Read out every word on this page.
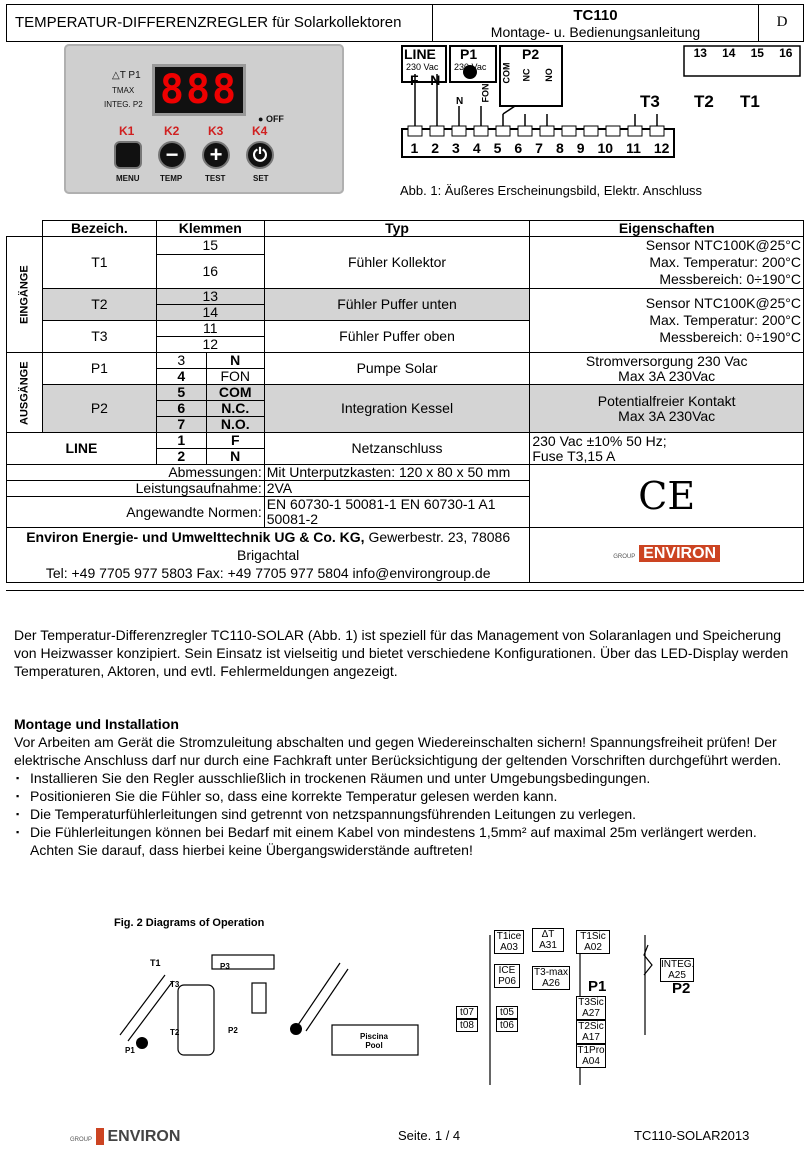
TEMPERATUR-DIFFERENZREGLER für Solarkollektoren	TC110
Montage- u. Bedienungsanleitung
D
△T P1
TMAX
INTEG. P2 888
● OFF
K1 K2 K3 K4
−	+	⏻
MENU	TEMP	TEST	SET
LINE
230 Vac
F   N
P1
230 Vac
P2
N FON
COM NC NO
T3 T2 T1
13 14 15 16
1 2 3 4 5 6 7 8 9 10 11 12
Abb. 1: Äußeres Erscheinungsbild, Elektr. Anschluss
	Bezeich.	Klemmen		Typ	Eigenschaften
EINGÄNGE	T1	15		Fühler Kollektor	Sensor NTC100K@25°C
Max. Temperatur: 200°C
Messbereich: 0÷190°C
		16			
	T2	13		Fühler Puffer unten	Sensor NTC100K@25°C
Max. Temperatur: 200°C
Messbereich: 0÷190°C
		14			
	T3	11		Fühler Puffer oben	
		12			
AUSGÄNGE	P1	3	N	Pumpe Solar	Stromversorgung 230 Vac
Max 3A 230Vac
		4	FON		
	P2	5	COM	Integration Kessel	Potentialfreier Kontakt
Max 3A 230Vac
		6	N.C.		
		7	N.O.		
LINE		1	F	Netzanschluss	230 Vac ±10% 50 Hz;
Fuse T3,15 A
		2	N		
Abmessungen:				Mit Unterputzkasten: 120 x 80 x 50 mm	CE
Leistungsaufnahme:				2VA	
Angewandte Normen:				EN 60730-1 50081-1 EN 60730-1 A1 50081-2	
Environ Energie- und Umwelttechnik UG & Co. KG, Gewerbestr. 23, 78086 Brigachtal
Tel: +49 7705 977 5803 Fax: +49 7705 977 5804 info@environgroup.de					GROUP ENVIRON
Der Temperatur-Differenzregler TC110-SOLAR (Abb. 1) ist speziell für das Management von Solaranlagen und Speicherung von Heizwasser konzipiert. Sein Einsatz ist vielseitig und bietet verschiedene Konfigurationen. Über das LED-Display werden Temperaturen, Aktoren, und evtl. Fehlermeldungen angezeigt.
Montage und Installation
Vor Arbeiten am Gerät die Stromzuleitung abschalten und gegen Wiedereinschalten sichern! Spannungsfreiheit prüfen! Der elektrische Anschluss darf nur durch eine Fachkraft unter Berücksichtigung der geltenden Vorschriften durchgeführt werden.
▪ Installieren Sie den Regler ausschließlich in trockenen Räumen und unter Umgebungsbedingungen.
▪ Positionieren Sie die Fühler so, dass eine korrekte Temperatur gelesen werden kann.
▪ Die Temperaturfühlerleitungen sind getrennt von netzspannungsführenden Leitungen zu verlegen.
▪ Die Fühlerleitungen können bei Bedarf mit einem Kabel von mindestens 1,5mm² auf maximal 25m verlängert werden. Achten Sie darauf, dass hierbei keine Übergangswiderstände auftreten!
Fig. 2 Diagrams of Operation
T1
T3
P3
T2
P1
P2
Piscina Pool
T1ice A03
ΔT A31
T1Sic A02
ICE P06
T3-max A26	P1
T3Sic A27
T2Sic A17
T1Pro A04
t07
t08
t05
t06
INTEG. A25
P2
GROUP ENVIRON	Seite. 1 / 4	TC110-SOLAR2013
